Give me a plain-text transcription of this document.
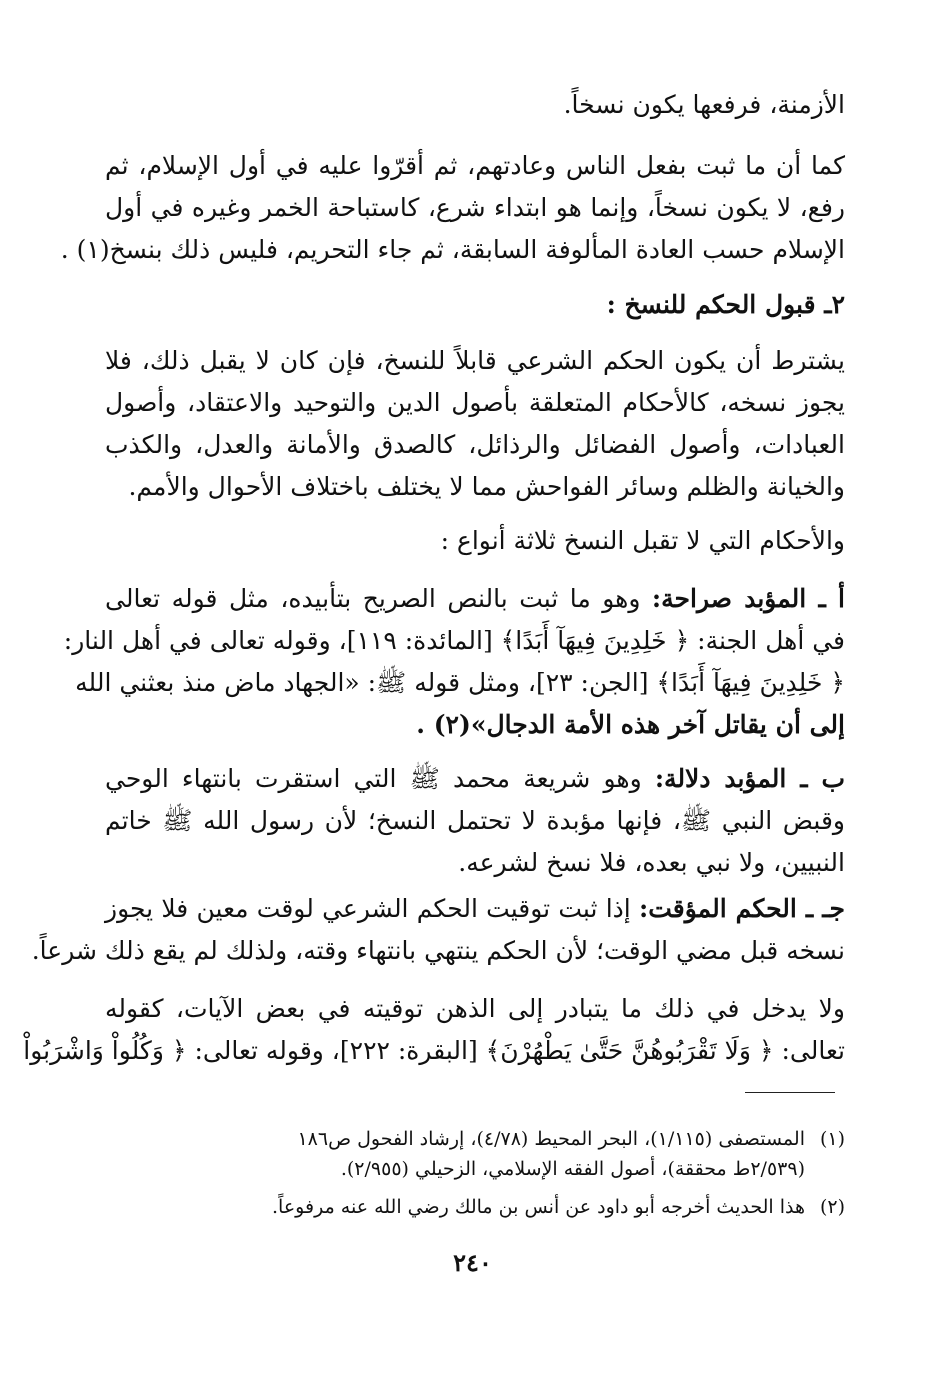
الأزمنة، فرفعها يكون نسخاً.
كما أن ما ثبت بفعل الناس وعادتهم، ثم أقرّوا عليه في أول الإسلام، ثم
رفع، لا يكون نسخاً، وإنما هو ابتداء شرع، كاستباحة الخمر وغيره في أول
الإسلام حسب العادة المألوفة السابقة، ثم جاء التحريم، فليس ذلك بنسخ(١) .
٢ـ قبول الحكم للنسخ :
يشترط أن يكون الحكم الشرعي قابلاً للنسخ، فإن كان لا يقبل ذلك، فلا
يجوز نسخه، كالأحكام المتعلقة بأصول الدين والتوحيد والاعتقاد، وأصول
العبادات، وأصول الفضائل والرذائل، كالصدق والأمانة والعدل، والكذب
والخيانة والظلم وسائر الفواحش مما لا يختلف باختلاف الأحوال والأمم.
والأحكام التي لا تقبل النسخ ثلاثة أنواع :
أ ـ المؤبد صراحة: وهو ما ثبت بالنص الصريح بتأبيده، مثل قوله تعالى
في أهل الجنة: ﴿ خَلِدِينَ فِيهَآ أَبَدًا﴾ [المائدة: ١١٩]، وقوله تعالى في أهل النار:
﴿ خَلِدِينَ فِيهَآ أَبَدًا﴾ [الجن: ٢٣]، ومثل قوله ﷺ: «الجهاد ماض منذ بعثني الله
إلى أن يقاتل آخر هذه الأمة الدجال»(٢) .
ب ـ المؤبد دلالة: وهو شريعة محمد ﷺ التي استقرت بانتهاء الوحي
وقبض النبي ﷺ، فإنها مؤبدة لا تحتمل النسخ؛ لأن رسول الله ﷺ خاتم
النبيين، ولا نبي بعده، فلا نسخ لشرعه.
جـ ـ الحكم المؤقت: إذا ثبت توقيت الحكم الشرعي لوقت معين فلا يجوز
نسخه قبل مضي الوقت؛ لأن الحكم ينتهي بانتهاء وقته، ولذلك لم يقع ذلك شرعاً.
ولا يدخل في ذلك ما يتبادر إلى الذهن توقيته في بعض الآيات، كقوله
تعالى: ﴿ وَلَا تَقْرَبُوهُنَّ حَتَّىٰ يَطْهُرْنَ﴾ [البقرة: ٢٢٢]، وقوله تعالى: ﴿ وَكُلُواْ وَاشْرَبُواْ
(١)المستصفى (١/١١٥)، البحر المحيط (٤/٧٨)، إرشاد الفحول ص١٨٦
(٢/٥٣٩ط محققة)، أصول الفقه الإسلامي، الزحيلي (٢/٩٥٥).
(٢)هذا الحديث أخرجه أبو داود عن أنس بن مالك رضي الله عنه مرفوعاً.
٢٤٠
